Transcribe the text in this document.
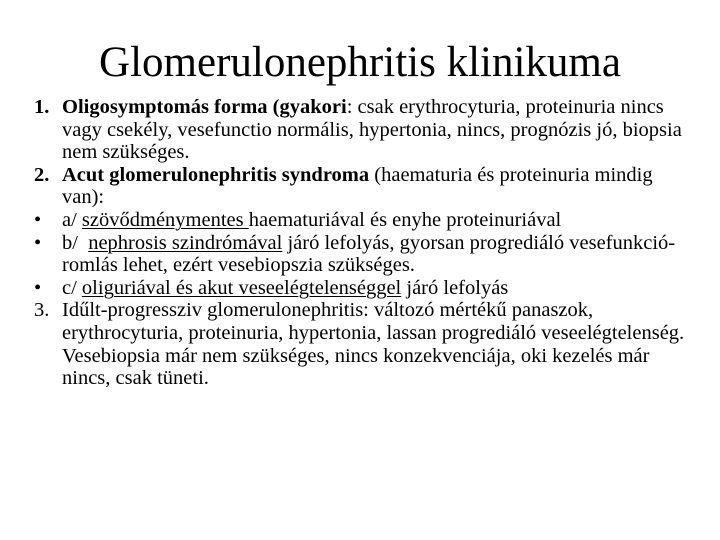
Glomerulonephritis klinikuma

1. Oligosymptomás forma (gyakori: csak erythrocyturia, proteinuria nincs vagy csekély, vesefunctio normális, hypertonia, nincs, prognózis jó, biopsia nem szükséges.

2. Acut glomerulonephritis syndroma (haematuria és proteinuria mindig van):

• a/ szövődménymentes haematuriával és enyhe proteinuriával

• b/  nephrosis szindrómával járó lefolyás, gyorsan progrediáló vesefunkció-romlás lehet, ezért vesebiopszia szükséges.

• c/ oliguriával és akut veseelégtelenséggel járó lefolyás

3. Idűlt-progressziv glomerulonephritis: változó mértékű panaszok, erythrocyturia, proteinuria, hypertonia, lassan progrediáló veseelégtelenség. Vesebiopsia már nem szükséges, nincs konzekvenciája, oki kezelés már nincs, csak tüneti.
